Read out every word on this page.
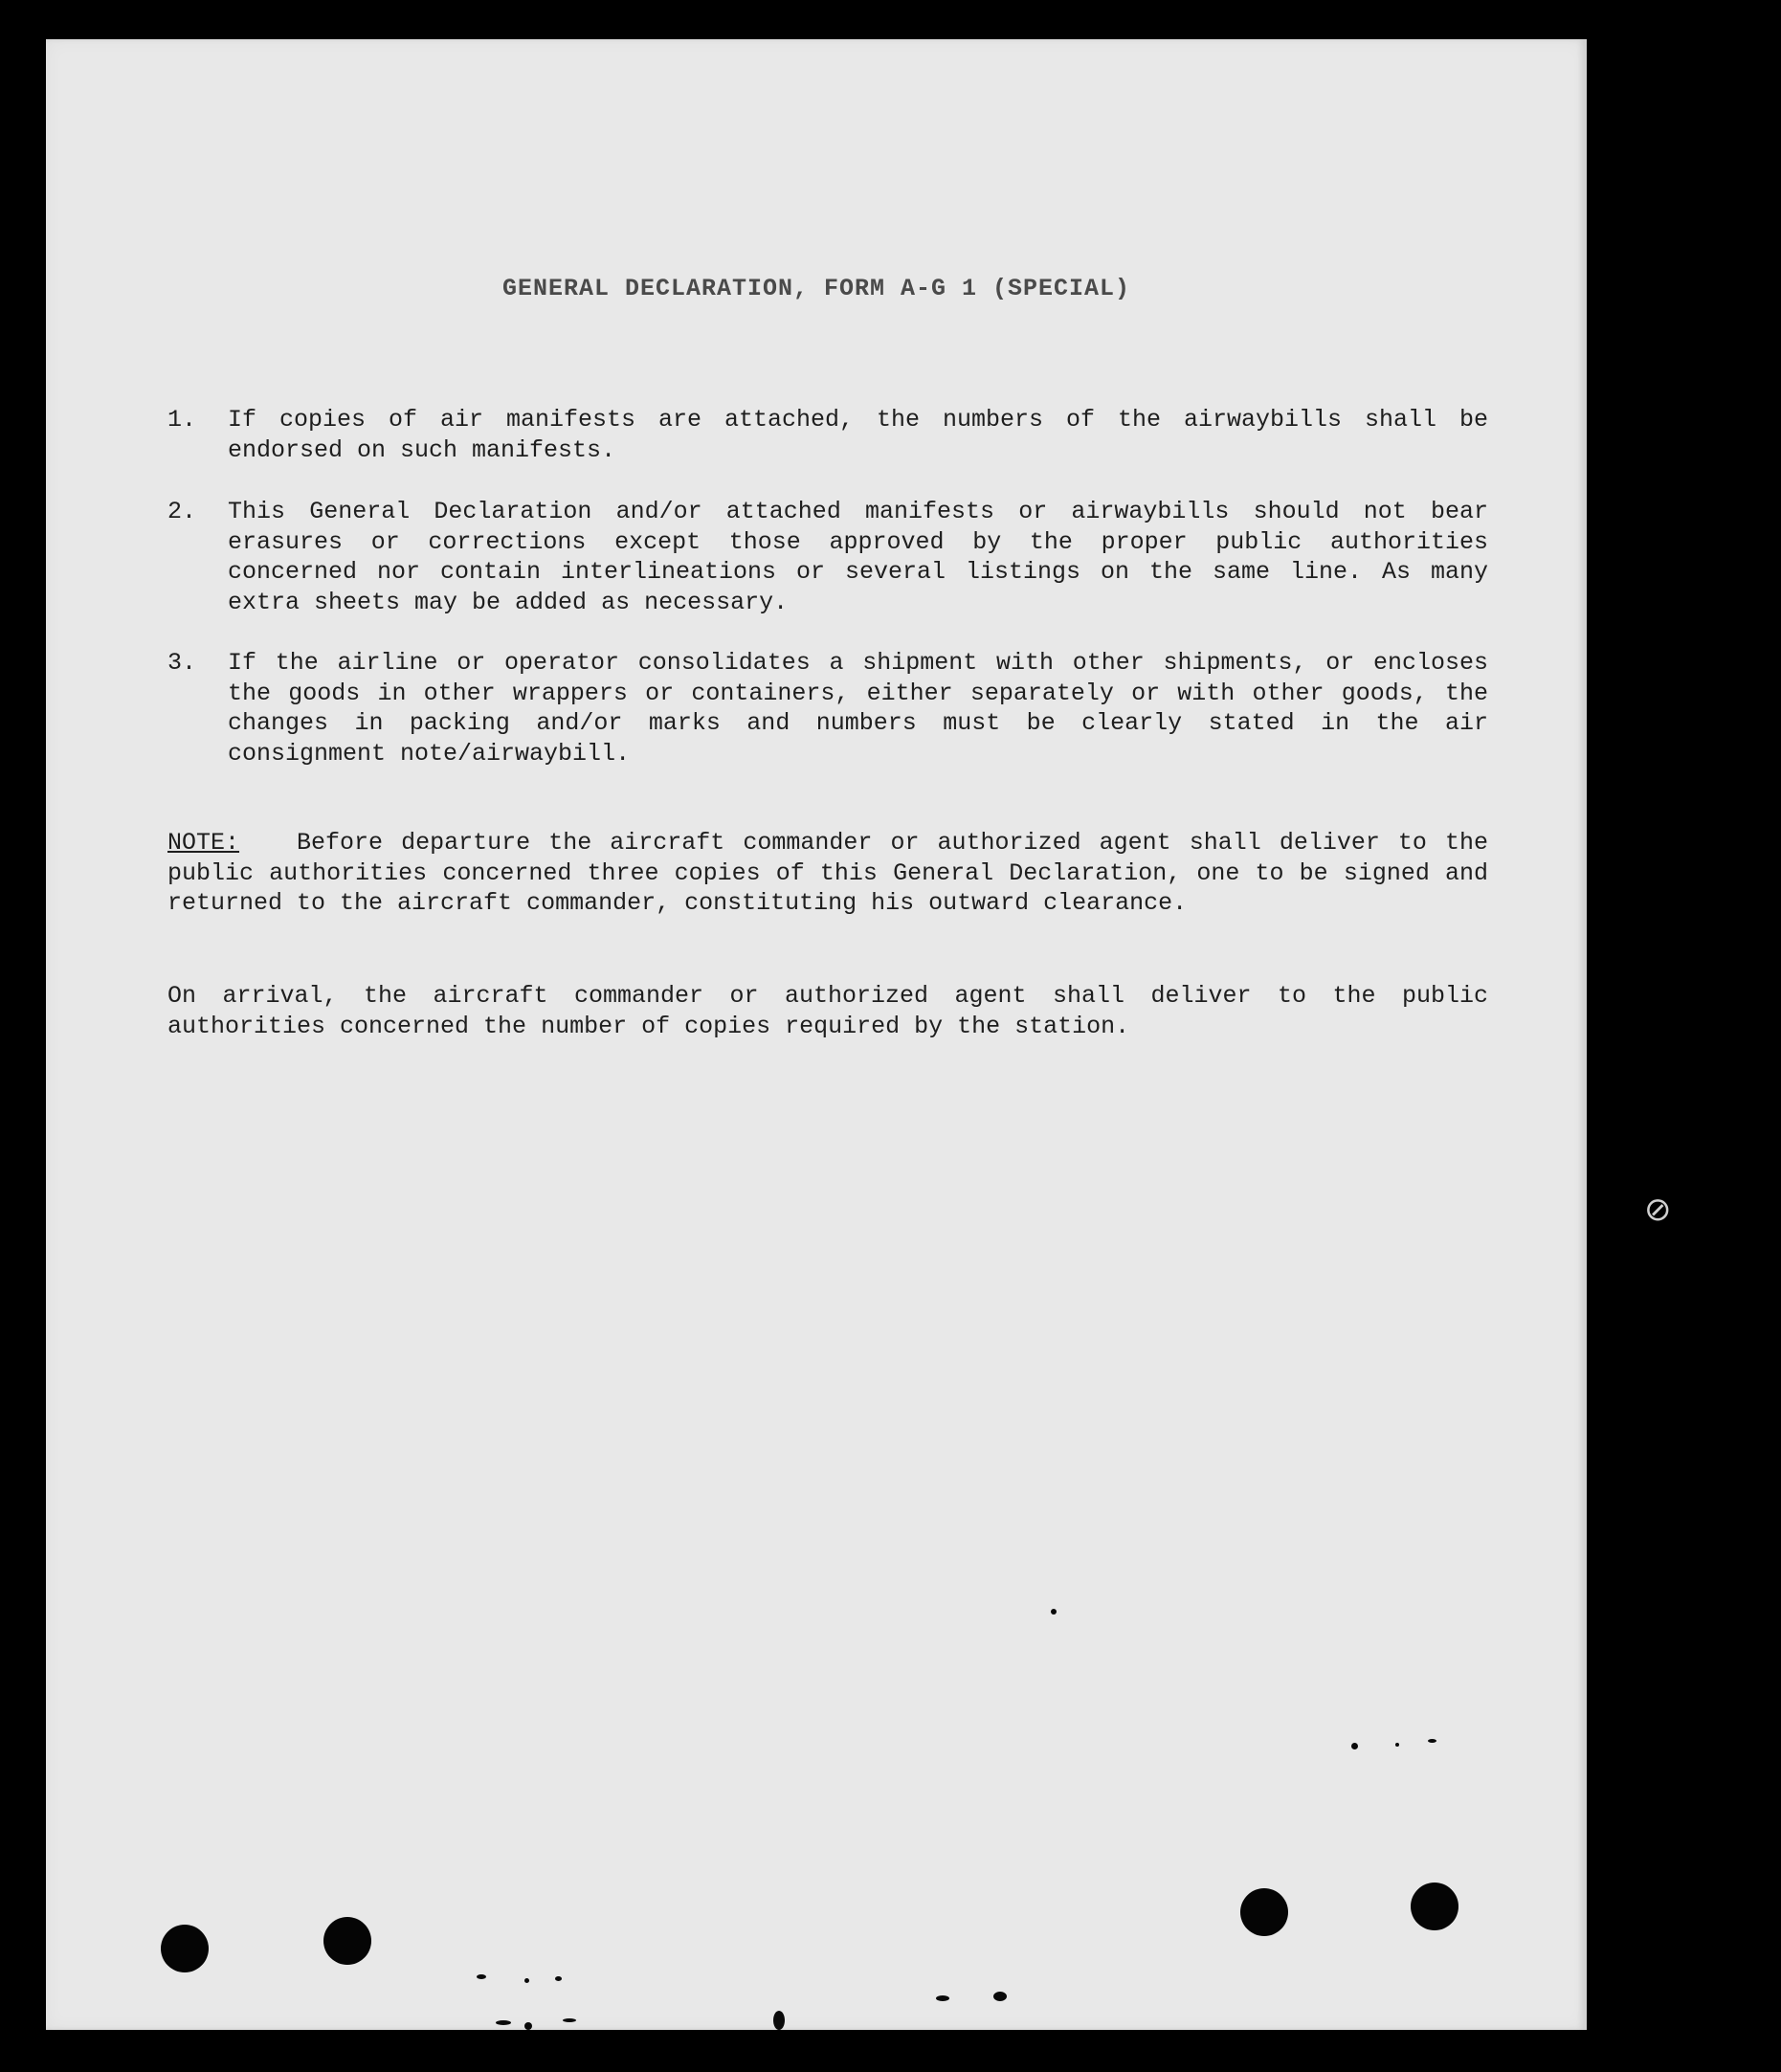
GENERAL DECLARATION, FORM A-G 1 (SPECIAL)
1. If copies of air manifests are attached, the numbers of the airwaybills shall be endorsed on such manifests.
2. This General Declaration and/or attached manifests or airwaybills should not bear erasures or corrections except those approved by the proper public authorities concerned nor contain interlineations or several listings on the same line. As many extra sheets may be added as necessary.
3. If the airline or operator consolidates a shipment with other shipments, or encloses the goods in other wrappers or containers, either separately or with other goods, the changes in packing and/or marks and numbers must be clearly stated in the air consignment note/airwaybill.
NOTE: Before departure the aircraft commander or authorized agent shall deliver to the public authorities concerned three copies of this General Declaration, one to be signed and returned to the aircraft commander, constituting his outward clearance.
On arrival, the aircraft commander or authorized agent shall deliver to the public authorities concerned the number of copies required by the station.
⊘
